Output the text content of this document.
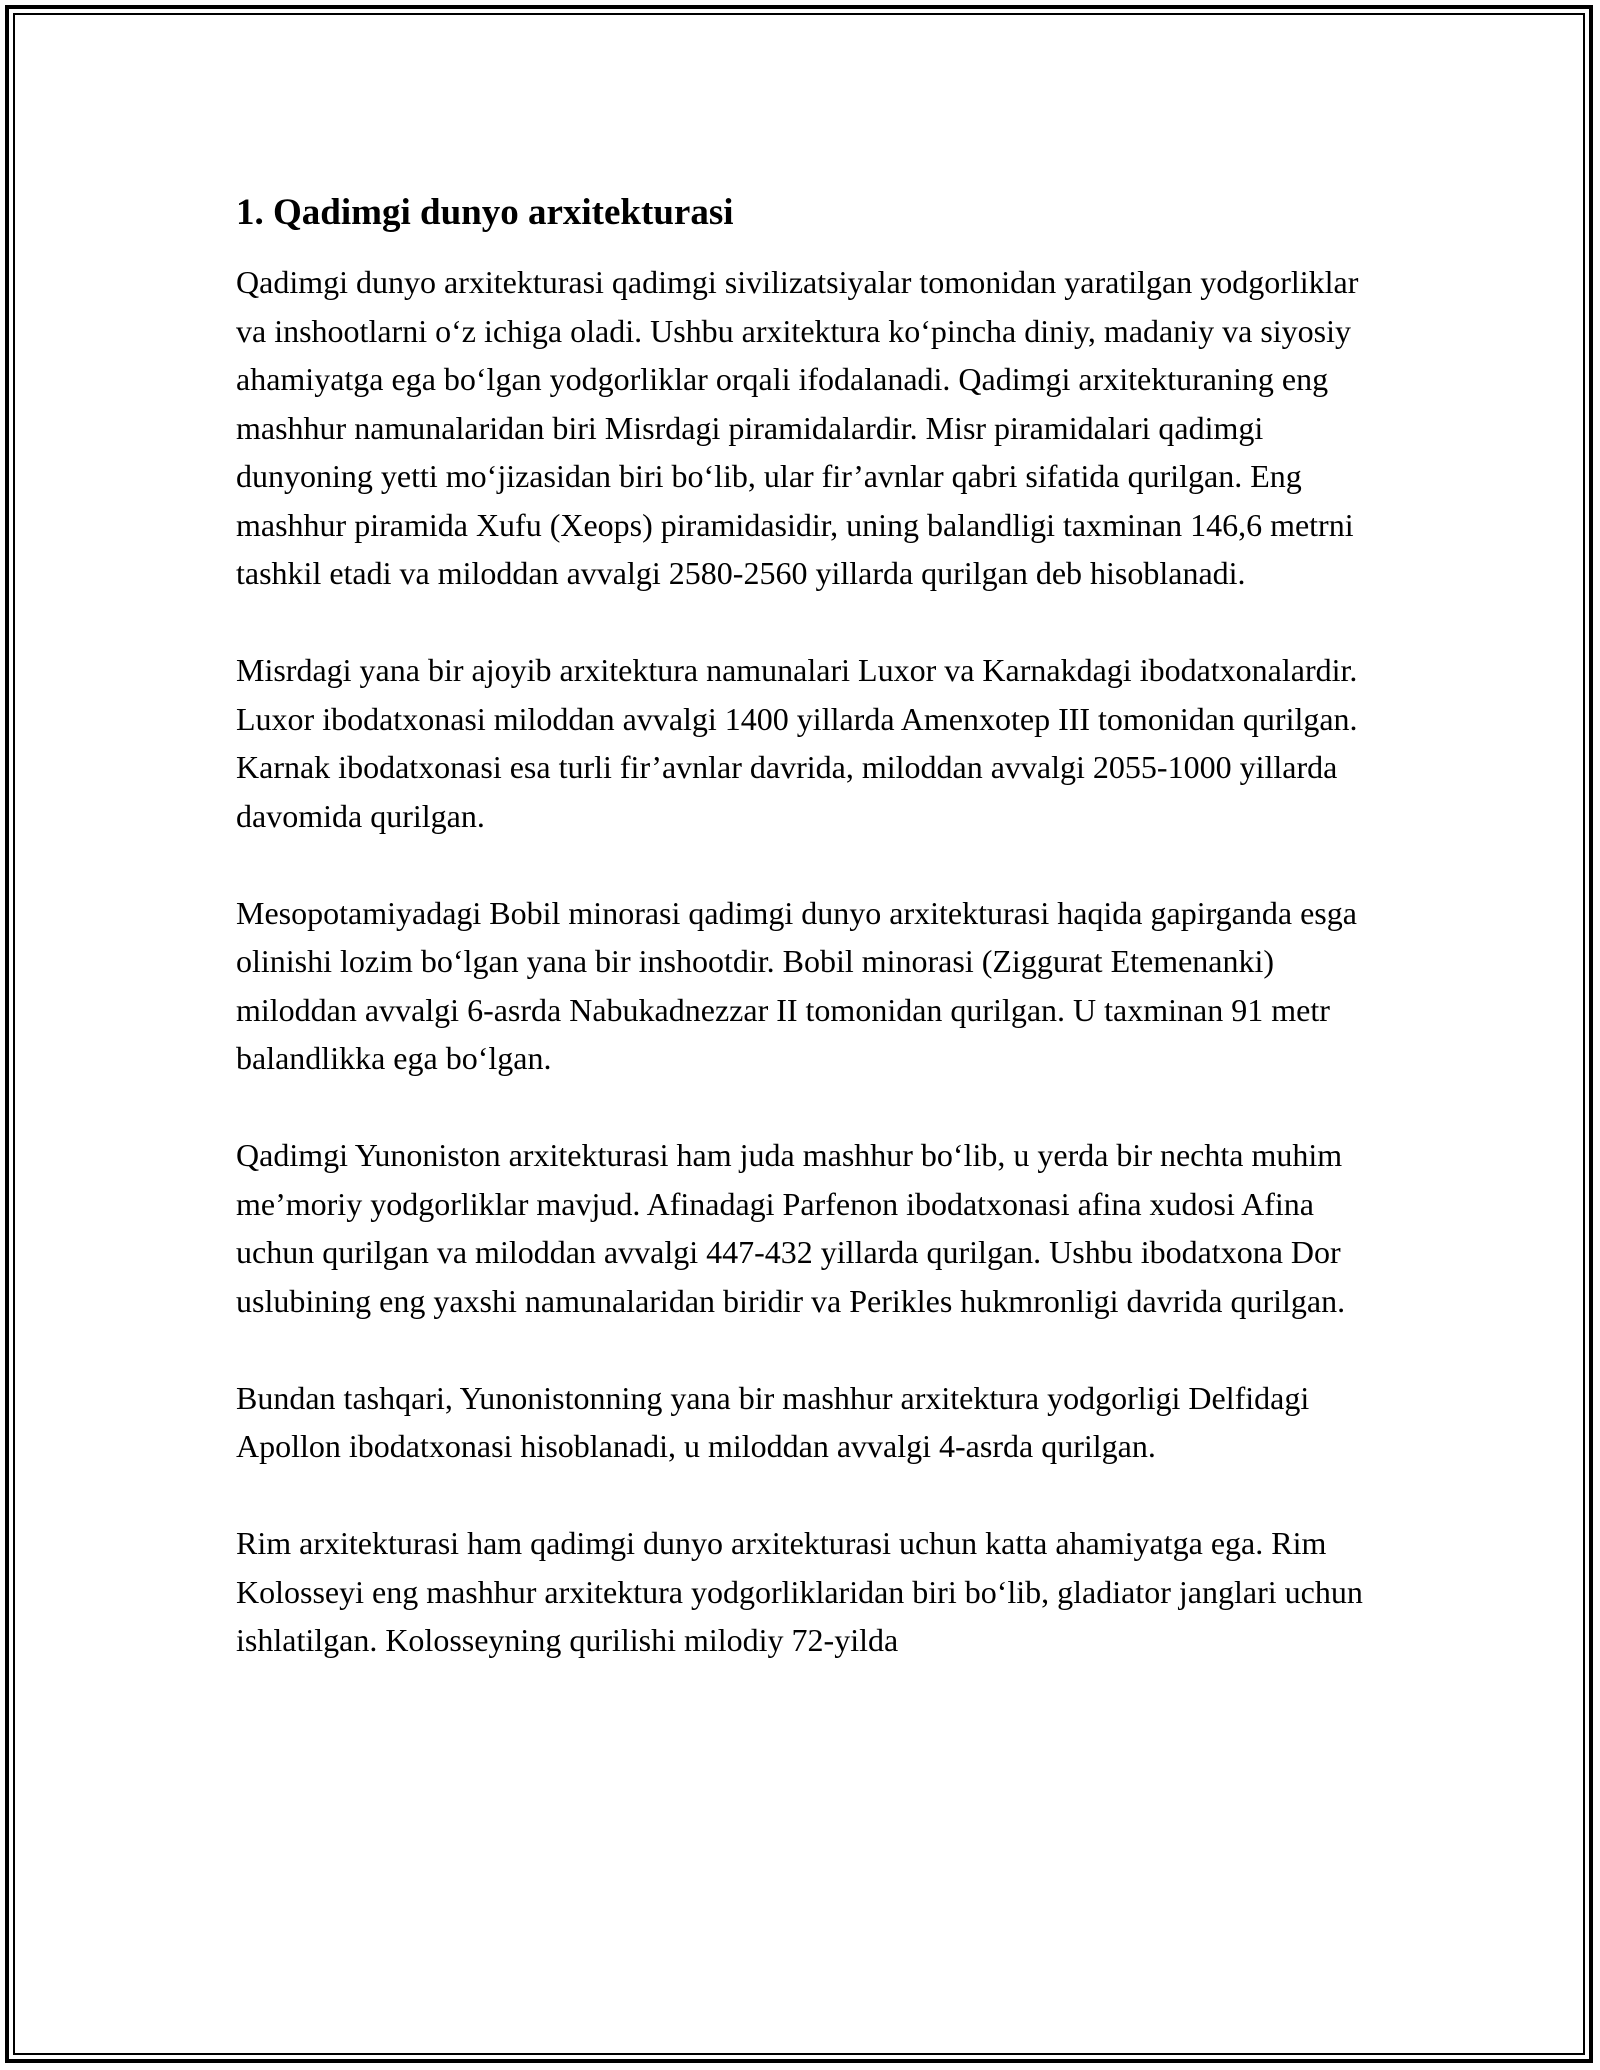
1. Qadimgi dunyo arxitekturasi

Qadimgi dunyo arxitekturasi qadimgi sivilizatsiyalar tomonidan yaratilgan yodgorliklar va inshootlarni o‘z ichiga oladi. Ushbu arxitektura ko‘pincha diniy, madaniy va siyosiy ahamiyatga ega bo‘lgan yodgorliklar orqali ifodalanadi. Qadimgi arxitekturaning eng mashhur namunalaridan biri Misrdagi piramidalardir. Misr piramidalari qadimgi dunyoning yetti mo‘jizasidan biri bo‘lib, ular fir’avnlar qabri sifatida qurilgan. Eng mashhur piramida Xufu (Xeops) piramidasidir, uning balandligi taxminan 146,6 metrni tashkil etadi va miloddan avvalgi 2580-2560 yillarda qurilgan deb hisoblanadi.

Misrdagi yana bir ajoyib arxitektura namunalari Luxor va Karnakdagi ibodatxonalardir. Luxor ibodatxonasi miloddan avvalgi 1400 yillarda Amenxotep III tomonidan qurilgan. Karnak ibodatxonasi esa turli fir’avnlar davrida, miloddan avvalgi 2055-1000 yillarda davomida qurilgan.

Mesopotamiyadagi Bobil minorasi qadimgi dunyo arxitekturasi haqida gapirganda esga olinishi lozim bo‘lgan yana bir inshootdir. Bobil minorasi (Ziggurat Etemenanki) miloddan avvalgi 6-asrda Nabukadnezzar II tomonidan qurilgan. U taxminan 91 metr balandlikka ega bo‘lgan.

Qadimgi Yunoniston arxitekturasi ham juda mashhur bo‘lib, u yerda bir nechta muhim me’moriy yodgorliklar mavjud. Afinadagi Parfenon ibodatxonasi afina xudosi Afina uchun qurilgan va miloddan avvalgi 447-432 yillarda qurilgan. Ushbu ibodatxona Dor uslubining eng yaxshi namunalaridan biridir va Perikles hukmronligi davrida qurilgan.

Bundan tashqari, Yunonistonning yana bir mashhur arxitektura yodgorligi Delfidagi Apollon ibodatxonasi hisoblanadi, u miloddan avvalgi 4-asrda qurilgan.

Rim arxitekturasi ham qadimgi dunyo arxitekturasi uchun katta ahamiyatga ega. Rim Kolosseyi eng mashhur arxitektura yodgorliklaridan biri bo‘lib, gladiator janglari uchun ishlatilgan. Kolosseyning qurilishi milodiy 72-yilda
